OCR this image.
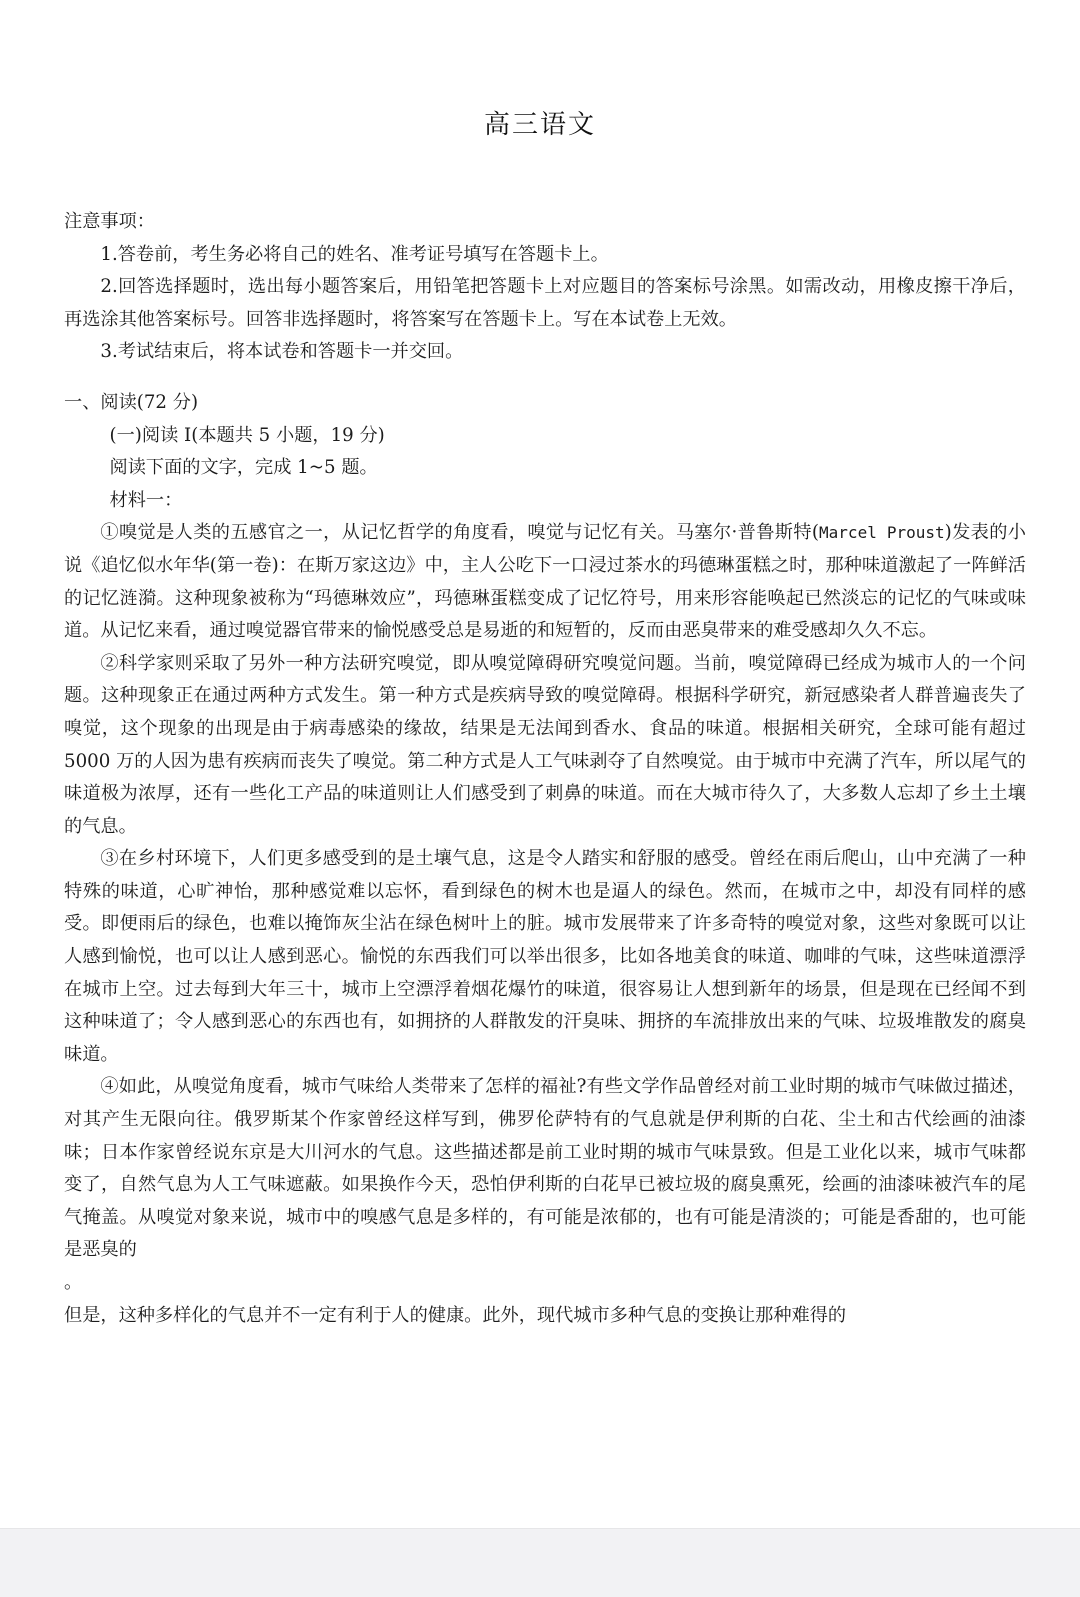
高三语文

注意事项：

1.答卷前，考生务必将自己的姓名、准考证号填写在答题卡上。

2.回答选择题时，选出每小题答案后，用铅笔把答题卡上对应题目的答案标号涂黑。如需改动，用橡皮擦干净后，再选涂其他答案标号。回答非选择题时，将答案写在答题卡上。写在本试卷上无效。

3.考试结束后，将本试卷和答题卡一并交回。

一、阅读(72 分)

(一)阅读 I(本题共 5 小题，19 分)

阅读下面的文字，完成 1~5 题。

材料一：

①嗅觉是人类的五感官之一，从记忆哲学的角度看，嗅觉与记忆有关。马塞尔·普鲁斯特(Marcel Proust)发表的小说《追忆似水年华(第一卷)：在斯万家这边》中，主人公吃下一口浸过茶水的玛德琳蛋糕之时，那种味道激起了一阵鲜活的记忆涟漪。这种现象被称为“玛德琳效应”，玛德琳蛋糕变成了记忆符号，用来形容能唤起已然淡忘的记忆的气味或味道。从记忆来看，通过嗅觉器官带来的愉悦感受总是易逝的和短暂的，反而由恶臭带来的难受感却久久不忘。

②科学家则采取了另外一种方法研究嗅觉，即从嗅觉障碍研究嗅觉问题。当前，嗅觉障碍已经成为城市人的一个问题。这种现象正在通过两种方式发生。第一种方式是疾病导致的嗅觉障碍。根据科学研究，新冠感染者人群普遍丧失了嗅觉，这个现象的出现是由于病毒感染的缘故，结果是无法闻到香水、食品的味道。根据相关研究，全球可能有超过 5000 万的人因为患有疾病而丧失了嗅觉。第二种方式是人工气味剥夺了自然嗅觉。由于城市中充满了汽车，所以尾气的味道极为浓厚，还有一些化工产品的味道则让人们感受到了刺鼻的味道。而在大城市待久了，大多数人忘却了乡土土壤的气息。

③在乡村环境下，人们更多感受到的是土壤气息，这是令人踏实和舒服的感受。曾经在雨后爬山，山中充满了一种特殊的味道，心旷神怡，那种感觉难以忘怀，看到绿色的树木也是逼人的绿色。然而，在城市之中，却没有同样的感受。即便雨后的绿色，也难以掩饰灰尘沾在绿色树叶上的脏。城市发展带来了许多奇特的嗅觉对象，这些对象既可以让人感到愉悦，也可以让人感到恶心。愉悦的东西我们可以举出很多，比如各地美食的味道、咖啡的气味，这些味道漂浮在城市上空。过去每到大年三十，城市上空漂浮着烟花爆竹的味道，很容易让人想到新年的场景，但是现在已经闻不到这种味道了；令人感到恶心的东西也有，如拥挤的人群散发的汗臭味、拥挤的车流排放出来的气味、垃圾堆散发的腐臭味道。

④如此，从嗅觉角度看，城市气味给人类带来了怎样的福祉?有些文学作品曾经对前工业时期的城市气味做过描述，对其产生无限向往。俄罗斯某个作家曾经这样写到，佛罗伦萨特有的气息就是伊利斯的白花、尘土和古代绘画的油漆味；日本作家曾经说东京是大川河水的气息。这些描述都是前工业时期的城市气味景致。但是工业化以来，城市气味都变了，自然气息为人工气味遮蔽。如果换作今天，恐怕伊利斯的白花早已被垃圾的腐臭熏死，绘画的油漆味被汽车的尾气掩盖。从嗅觉对象来说，城市中的嗅感气息是多样的，有可能是浓郁的，也有可能是清淡的；可能是香甜的，也可能是恶臭的

。

但是，这种多样化的气息并不一定有利于人的健康。此外，现代城市多种气息的变换让那种难得的
